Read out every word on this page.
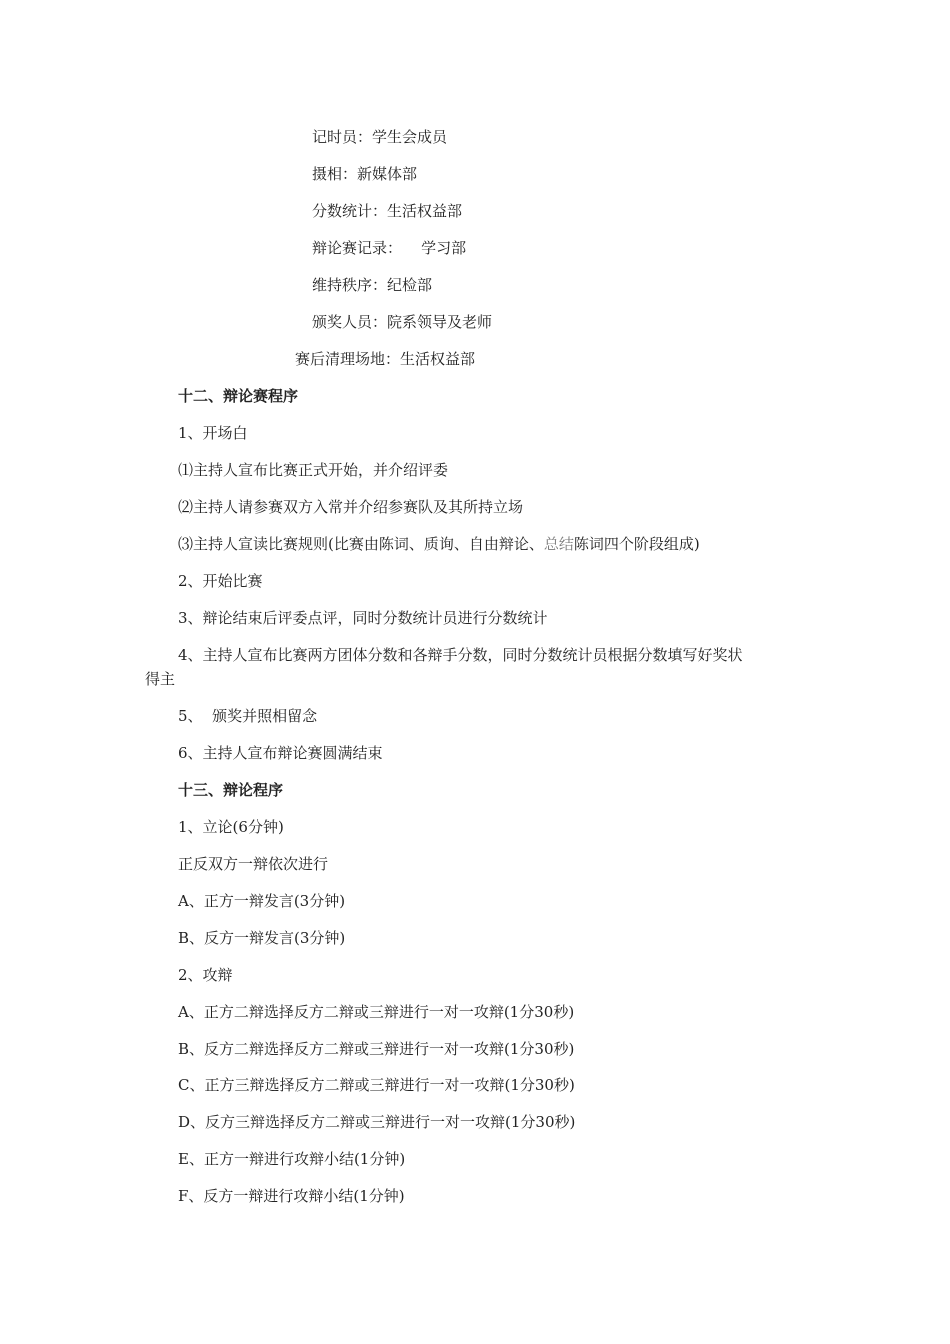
记时员：学生会成员
摄相：新媒体部
分数统计：生活权益部
辩论赛记录：    学习部
维持秩序：纪检部
颁奖人员：院系领导及老师
赛后清理场地：生活权益部
十二、辩论赛程序
1、开场白
⑴主持人宣布比赛正式开始，并介绍评委
⑵主持人请参赛双方入常并介绍参赛队及其所持立场
⑶主持人宣读比赛规则(比赛由陈词、质询、自由辩论、总结陈词四个阶段组成)
2、开始比赛
3、辩论结束后评委点评，同时分数统计员进行分数统计
4、主持人宣布比赛两方团体分数和各辩手分数，同时分数统计员根据分数填写好奖状
得主
5、  颁奖并照相留念
6、主持人宣布辩论赛圆满结束
十三、辩论程序
1、立论(6分钟)
正反双方一辩依次进行
A、正方一辩发言(3分钟)
B、反方一辩发言(3分钟)
2、攻辩
A、正方二辩选择反方二辩或三辩进行一对一攻辩(1分30秒)
B、反方二辩选择反方二辩或三辩进行一对一攻辩(1分30秒)
C、正方三辩选择反方二辩或三辩进行一对一攻辩(1分30秒)
D、反方三辩选择反方二辩或三辩进行一对一攻辩(1分30秒)
E、正方一辩进行攻辩小结(1分钟)
F、反方一辩进行攻辩小结(1分钟)
